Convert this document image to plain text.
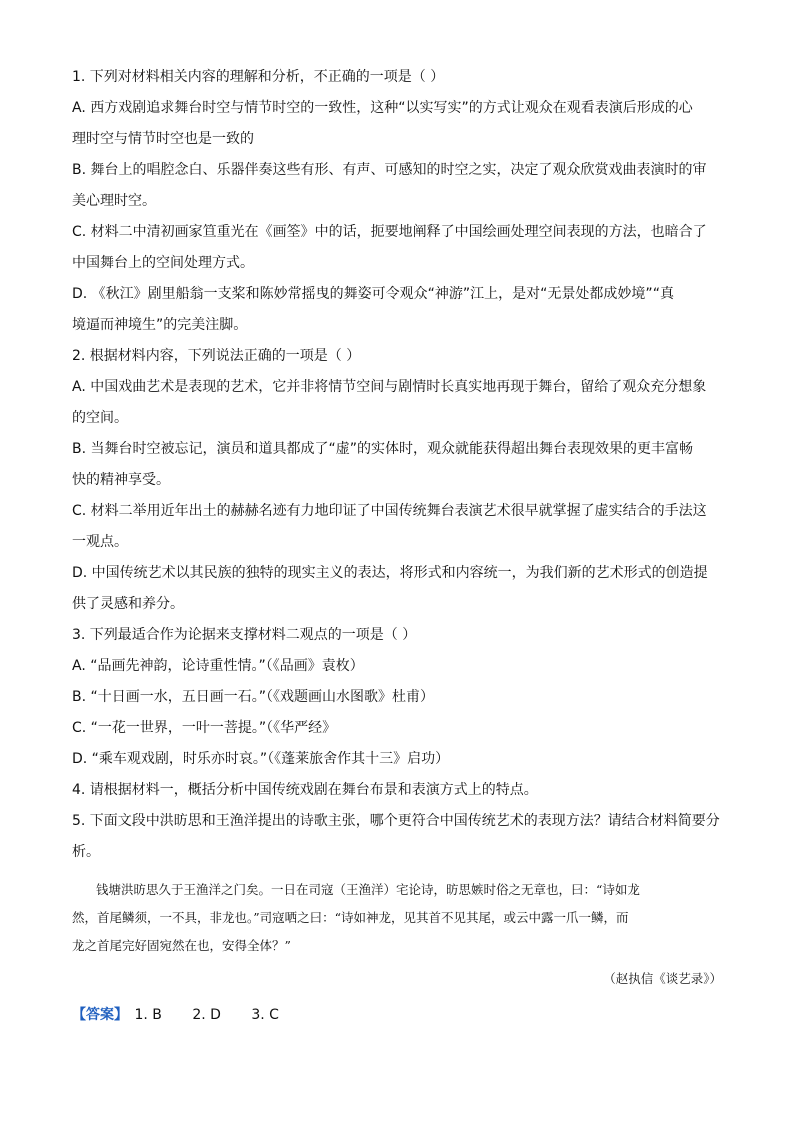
1. 下列对材料相关内容的理解和分析，不正确的一项是（ ）
A. 西方戏剧追求舞台时空与情节时空的一致性，这种“以实写实”的方式让观众在观看表演后形成的心
理时空与情节时空也是一致的
B. 舞台上的唱腔念白、乐器伴奏这些有形、有声、可感知的时空之实，决定了观众欣赏戏曲表演时的审
美心理时空。
C. 材料二中清初画家笪重光在《画筌》中的话，扼要地阐释了中国绘画处理空间表现的方法，也暗合了
中国舞台上的空间处理方式。
D. 《秋江》剧里船翁一支桨和陈妙常摇曳的舞姿可令观众“神游”江上，是对“无景处都成妙境”“真
境逼而神境生”的完美注脚。
2. 根据材料内容，下列说法正确的一项是（ ）
A. 中国戏曲艺术是表现的艺术，它并非将情节空间与剧情时长真实地再现于舞台，留给了观众充分想象
的空间。
B. 当舞台时空被忘记，演员和道具都成了“虚”的实体时，观众就能获得超出舞台表现效果的更丰富畅
快的精神享受。
C. 材料二举用近年出土的赫赫名迹有力地印证了中国传统舞台表演艺术很早就掌握了虚实结合的手法这
一观点。
D. 中国传统艺术以其民族的独特的现实主义的表达，将形式和内容统一，为我们新的艺术形式的创造提
供了灵感和养分。
3. 下列最适合作为论据来支撑材料二观点的一项是（ ）
A. “品画先神韵，论诗重性情。”（《品画》袁枚）
B. “十日画一水，五日画一石。”（《戏题画山水图歌》杜甫）
C. “一花一世界，一叶一菩提。”（《华严经》
D. “乘车观戏剧，时乐亦时哀。”（《蓬莱旅舍作其十三》启功）
4. 请根据材料一，概括分析中国传统戏剧在舞台布景和表演方式上的特点。
5. 下面文段中洪昉思和王渔洋提出的诗歌主张，哪个更符合中国传统艺术的表现方法？请结合材料简要分
析。
钱塘洪昉思久于王渔洋之门矣。一日在司寇（王渔洋）宅论诗，昉思嫉时俗之无章也，曰：“诗如龙
然，首尾鳞须，一不具，非龙也。”司寇哂之曰：“诗如神龙，见其首不见其尾，或云中露一爪一鳞，而
龙之首尾完好固宛然在也，安得全体？”
（赵执信《谈艺录》）
【答案】 1. B 2. D 3. C
